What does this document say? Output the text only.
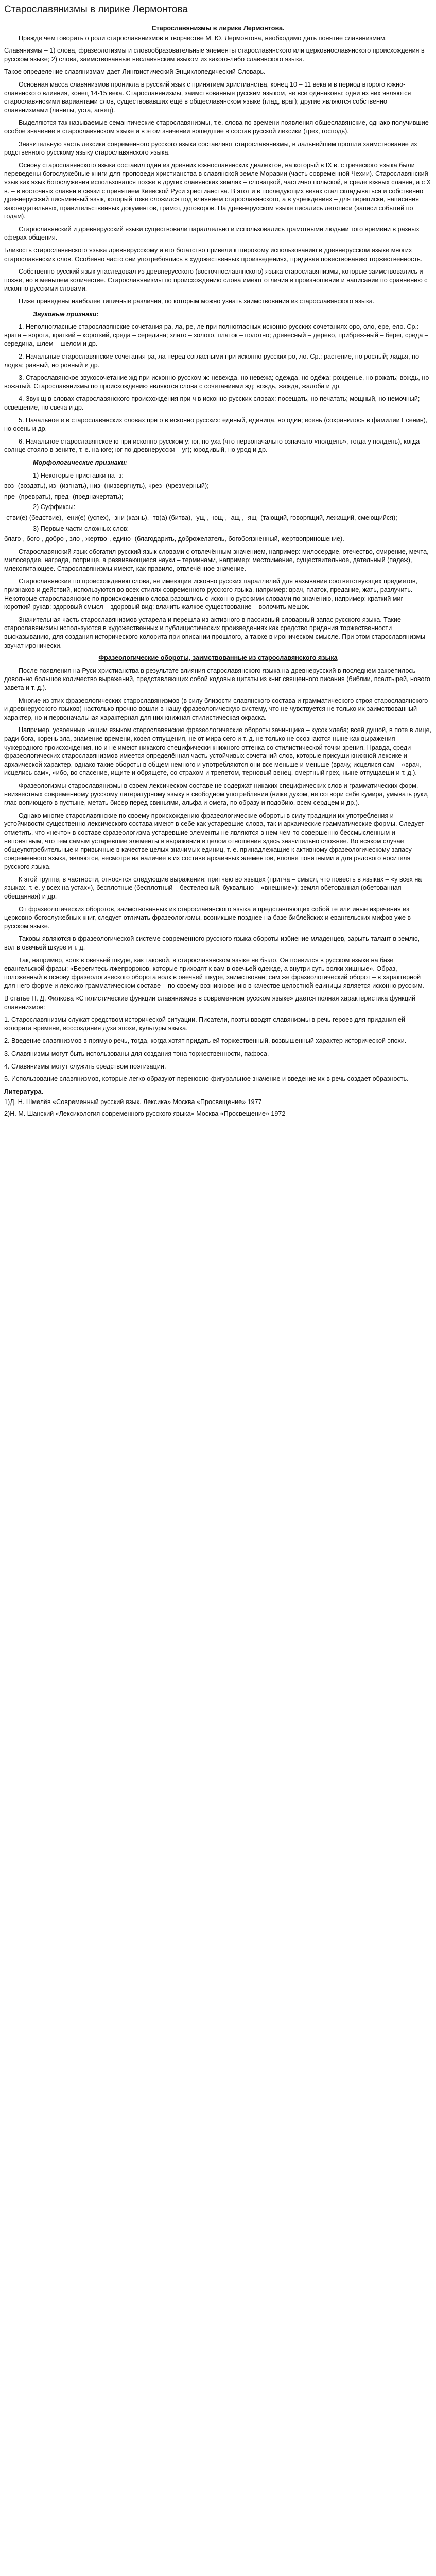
Старославянизмы в лирике Лермонтова
Старославянизмы в лирике Лермонтова.
Прежде чем говорить о роли старославянизмов в творчестве М. Ю. Лермонтова, необходимо дать понятие славянизмам.
Славянизмы – 1) слова, фразеологизмы и словообразовательные элементы старославянского или церковнославянского происхождения в русском языке; 2) слова, заимствованные неславянским языком из какого-либо славянского языка.
Такое определение славянизмам дает Лингвистический Энциклопедический Словарь.
Основная масса славянизмов проникла в русский язык с принятием христианства, конец 10 – 11 века и в период второго южно-славянского влияния, конец 14-15 века. Старославянизмы, заимствованные русским языком, не все одинаковы: одни из них являются старославянскими вариантами слов, существовавших ещё в общеславянском языке (глад, враг); другие являются собственно славянизмами (ланиты, уста, агнец).
Выделяются так называемые семантические старославянизмы, т.е. слова по времени появления общеславянские, однако получившие особое значение в старославянском языке и в этом значении вошедшие в состав русской лексики (грех, господь).
Значительную часть лексики современного русского языка составляют старославянизмы, в дальнейшем прошли заимствование из родственного русскому языку старославянского языка.
Основу старославянского языка составил один из древних южнославянских диалектов, на который в IX в. с греческого языка были переведены богослужебные книги для проповеди христианства в славянской земле Моравии (часть современной Чехии). Старославянский язык как язык богослужения использовался позже в других славянских землях – словацкой, частично польской, в среде южных славян, а с X в. – в восточных славян в связи с принятием Киевской Руси христианства. В этот и в последующих веках стал складываться и собственно древнерусский письменный язык, который тоже сложился под влиянием старославянского, а в учреждениях – для переписки, написания законодательных, правительственных документов, грамот, договоров. На древнерусском языке писались летописи (записи событий по годам).
Старославянский и древнерусский языки существовали параллельно и использовались грамотными людьми того времени в разных сферах общения.
Близость старославянского языка древнерусскому и его богатство привели к широкому использованию в древнерусском языке многих старославянских слов. Особенно часто они употреблялись в художественных произведениях, придавая повествованию торжественность.
Собственно русский язык унаследовал из древнерусского (восточнославянского) языка старославянизмы, которые заимствовались и позже, но в меньшем количестве. Старославянизмы по происхождению слова имеют отличия в произношении и написании по сравнению с исконно русскими словами.
Ниже приведены наиболее типичные различия, по которым можно узнать заимствования из старославянского языка.
Звуковые признаки:
1. Неполногласные старославянские сочетания ра, ла, ре, ле при полногласных исконно русских сочетаниях оро, оло, ере, ело. Ср.: врата – ворота, краткий – короткий, среда – середина; злато – золото, платок – полотно; древесный – дерево, прибреж-ный – берег, среда – середина, шлем – шелом и др.
2. Начальные старославянские сочетания ра, ла перед согласными при исконно русских ро, ло. Ср.: растение, но рослый; ладья, но лодка; равный, но ровный и др.
3. Старославянское звукосочетание жд при исконно русском ж: невежда, но невежа; одежда, но одёжа; рожденье, но рожать; вождь, но вожатый. Старославянизмы по происхождению являются слова с сочетаниями жд: вождь, жажда, жалоба и др.
4. Звук щ в словах старославянского происхождения при ч в исконно русских словах: посещать, но печатать; мощный, но немочный; освещение, но свеча и др.
5. Начальное е в старославянских словах при о в исконно русских: единый, единица, но один; есень (сохранилось в фамилии Есенин), но осень и др.
6. Начальное старославянское ю при исконно русском у: юг, но уха (что первоначально означало «полдень», тогда у полдень), когда солнце стояло в зените, т. е. на юге; юг по-древнерусски – уг); юродивый, но урод и др.
Морфологические признаки:
1) Некоторые приставки на -з:
воз- (воздать), из- (изгнать), низ- (низвергнуть), чрез- (чрезмерный);
пре- (преврать), пред- (предначертать);
2) Суффиксы:
-стви(е) (бедствие), -ени(е) (успех), -зни (казнь), -тв(а) (битва), -ущ-, -ющ-, -ащ-, -ящ- (тающий, говорящий, лежащий, смеющийся);
3) Первые части сложных слов:
благо-, бого-, добро-, зло-, жертво-, едино- (благодарить, доброжелатель, богобоязненный, жертвоприношение).
Старославянский язык обогатил русский язык словами с отвлечённым значением, например: милосердие, отечество, смирение, мечта, милосердие, награда, поприще, а развивающиеся науки – терминами, например: местоимение, существительное, дательный (падеж), млекопитающее. Старославянизмы имеют, как правило, отвлечённое значение.
Старославянские по происхождению слова, не имеющие исконно русских параллелей для называния соответствующих предметов, признаков и действий, используются во всех стилях современного русского языка, например: врач, платок, предание, жать, разлучить. Некоторые старославянские по происхождению слова разошлись с исконно русскими словами по значению, например: краткий миг – короткий рукав; здоровый смысл – здоровый вид; влачить жалкое существование – волочить мешок.
Значительная часть старославянизмов устарела и перешла из активного в пассивный словарный запас русского языка. Такие старославянизмы используются в художественных и публицистических произведениях как средство придания торжественности высказыванию, для создания исторического колорита при описании прошлого, а также в ироническом смысле. При этом старославянизмы звучат иронически.
Фразеологические обороты, заимствованные из старославянского языка
После появления на Руси христианства в результате влияния старославянского языка на древнерусский в последнем закрепилось довольно большое количество выражений, представляющих собой кодовые цитаты из книг священного писания (библии, псалтырей, нового завета и т. д.).
Многие из этих фразеологических старославянизмов (в силу близости славянского состава и грамматического строя старославянского и древнерусского языков) настолько прочно вошли в нашу фразеологическую систему, что не чувствуется не только их заимствованный характер, но и первоначальная характерная для них книжная стилистическая окраска.
Например, усвоенные нашим языком старославянские фразеологические обороты зачинщика – кусок хлеба; всей душой, в поте в лице, ради бога, корень зла, знамение времени, козел отпущения, не от мира сего и т. д. не только не осознаются ныне как выражения чужеродного происхождения, но и не имеют никакого специфически книжного оттенка со стилистической точки зрения. Правда, среди фразеологических старославянизмов имеется определённая часть устойчивых сочетаний слов, которые присущи книжной лексике и архаической характер, однако такие обороты в общем немного и употребляются они все меньше и меньше (врачу, исцелися сам – «врач, исцелись сам», «ибо, во спасение, ищите и обрящете, со страхом и трепетом, терновый венец, смертный грех, ныне отпущаеши и т. д.).
Фразеологизмы-старославянизмы в своем лексическом составе не содержат никаких специфических слов и грамматических форм, неизвестных современному русскому литературному языку в свободном употреблении (ниже духом, не сотвори себе кумира, умывать руки, глас вопиющего в пустыне, метать бисер перед свиньями, альфа и омега, по образу и подобию, всем сердцем и др.).
Однако многие старославянские по своему происхождению фразеологические обороты в силу традиции их употребления и устойчивости существенно лексического состава имеют в себе как устаревшие слова, так и архаические грамматические формы. Следует отметить, что «нечто» в составе фразеологизма устаревшие элементы не являются в нем чем-то совершенно бессмысленным и непонятным, что тем самым устаревшие элементы в выражении в целом отношения здесь значительно сложнее. Во всяком случае общеупотребительные и привычные в качестве целых значимых единиц, т. е. принадлежащие к активному фразеологическому запасу современного языка, являются, несмотря на наличие в их составе архаичных элементов, вполне понятными и для рядового носителя русского языка.
К этой группе, в частности, относятся следующие выражения: притчею во языцех (притча – смысл, что повесть в языках – «у всех на языках, т. е. у всех на устах»), бесплотные (бесплотный – бестелесный, буквально – «внешние»); земля обетованная (обетованная – обещанная) и др.
От фразеологических оборотов, заимствованных из старославянского языка и представляющих собой те или иные изречения из церковно-богослужебных книг, следует отличать фразеологизмы, возникшие позднее на базе библейских и евангельских мифов уже в русском языке.
Таковы являются в фразеологической системе современного русского языка обороты избиение младенцев, зарыть талант в землю, вол в овечьей шкуре и т. д.
Так, например, волк в овечьей шкуре, как таковой, в старославянском языке не было. Он появился в русском языке на базе евангельской фразы: «Берегитесь лжепророков, которые приходят к вам в овечьей одежде, а внутри суть волки хищные». Образ, положенный в основу фразеологического оборота волк в овечьей шкуре, заимствован; сам же фразеологический оборот – в характерной для него форме и лексико-грамматическом составе – по своему возникновению в качестве целостной единицы является исконно русским.
В статье П. Д. Филкова «Стилистические функции славянизмов в современном русском языке» дается полная характеристика функций славянизмов:
1. Старославянизмы служат средством исторической ситуации. Писатели, поэты вводят славянизмы в речь героев для придания ей колорита времени, воссоздания духа эпохи, культуры языка.
2. Введение славянизмов в прямую речь, тогда, когда хотят придать ей торжественный, возвышенный характер исторической эпохи.
3. Славянизмы могут быть использованы для создания тона торжественности, пафоса.
4. Славянизмы могут служить средством поэтизации.
5. Использование славянизмов, которые легко образуют переносно-фигуральное значение и введение их в речь создает образность.
Литература.
1)Д. Н. Шмелёв «Современный русский язык. Лексика» Москва «Просвещение» 1977
2)Н. М. Шанский «Лексикология современного русского языка» Москва «Просвещение» 1972
